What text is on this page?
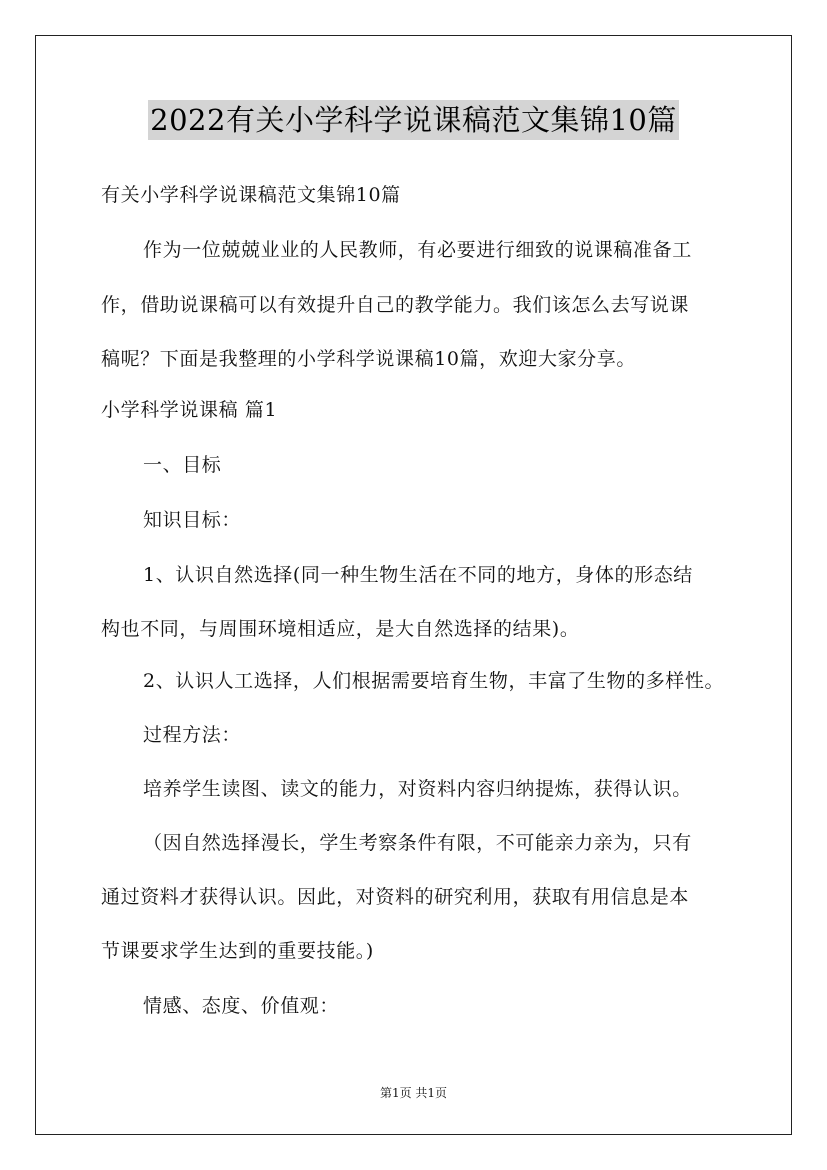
2022有关小学科学说课稿范文集锦10篇
有关小学科学说课稿范文集锦10篇
作为一位兢兢业业的人民教师，有必要进行细致的说课稿准备工
作，借助说课稿可以有效提升自己的教学能力。我们该怎么去写说课
稿呢？下面是我整理的小学科学说课稿10篇，欢迎大家分享。
小学科学说课稿 篇1
一、目标
知识目标：
1、认识自然选择(同一种生物生活在不同的地方，身体的形态结
构也不同，与周围环境相适应，是大自然选择的结果)。
2、认识人工选择，人们根据需要培育生物，丰富了生物的多样性。
过程方法：
培养学生读图、读文的能力，对资料内容归纳提炼，获得认识。
（因自然选择漫长，学生考察条件有限，不可能亲力亲为，只有
通过资料才获得认识。因此，对资料的研究利用，获取有用信息是本
节课要求学生达到的重要技能。)
情感、态度、价值观：
第1页 共1页
